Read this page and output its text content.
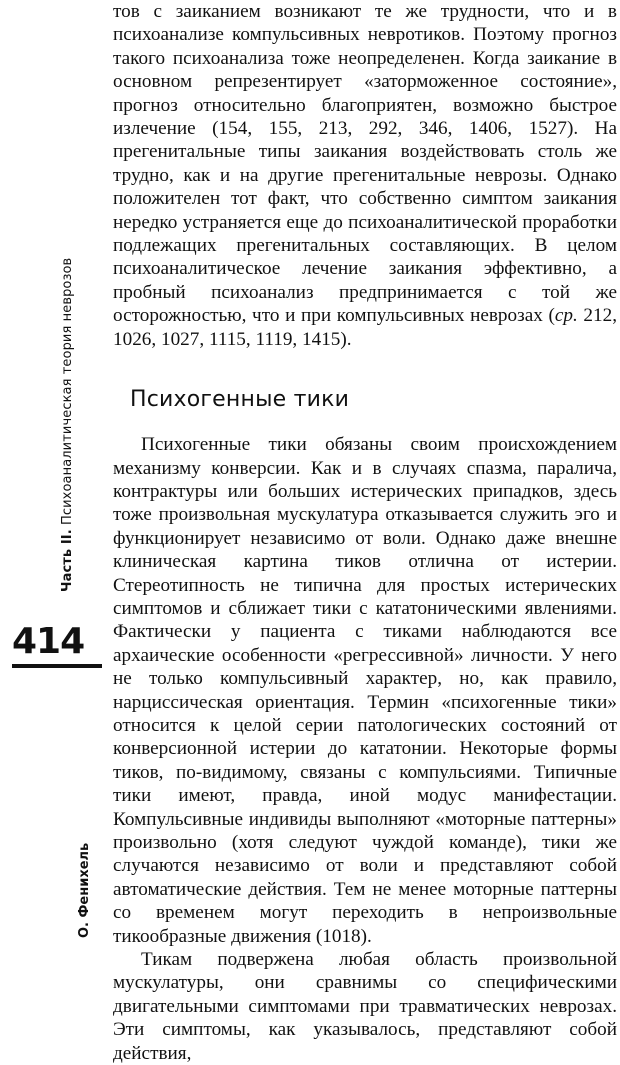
Часть II. Психоаналитическая теория неврозов
414
О. Фенихель

тов с заиканием возникают те же трудности, что и в психоанализе компульсивных невротиков. Поэтому прогноз такого психоанализа тоже неопределенен. Когда заикание в основном репрезентирует «заторможенное состояние», прогноз относительно благоприятен, возможно быстрое излечение (154, 155, 213, 292, 346, 1406, 1527). На прегенитальные типы заикания воздействовать столь же трудно, как и на другие прегенитальные неврозы. Однако положителен тот факт, что собственно симптом заикания нередко устраняется еще до психоаналитической проработки подлежащих прегенитальных составляющих. В целом психоаналитическое лечение заикания эффективно, а пробный психоанализ предпринимается с той же осторожностью, что и при компульсивных неврозах (ср. 212, 1026, 1027, 1115, 1119, 1415).

Психогенные тики

Психогенные тики обязаны своим происхождением механизму конверсии. Как и в случаях спазма, паралича, контрактуры или больших истерических припадков, здесь тоже произвольная мускулатура отказывается служить эго и функционирует независимо от воли. Однако даже внешне клиническая картина тиков отлична от истерии. Стереотипность не типична для простых истерических симптомов и сближает тики с кататоническими явлениями. Фактически у пациента с тиками наблюдаются все архаические особенности «регрессивной» личности. У него не только компульсивный характер, но, как правило, нарциссическая ориентация. Термин «психогенные тики» относится к целой серии патологических состояний от конверсионной истерии до кататонии. Некоторые формы тиков, по-видимому, связаны с компульсиями. Типичные тики имеют, правда, иной модус манифестации. Компульсивные индивиды выполняют «моторные паттерны» произвольно (хотя следуют чуждой команде), тики же случаются независимо от воли и представляют собой автоматические действия. Тем не менее моторные паттерны со временем могут переходить в непроизвольные тикообразные движения (1018).

Тикам подвержена любая область произвольной мускулатуры, они сравнимы со специфическими двигательными симптомами при травматических неврозах. Эти симптомы, как указывалось, представляют собой действия,
